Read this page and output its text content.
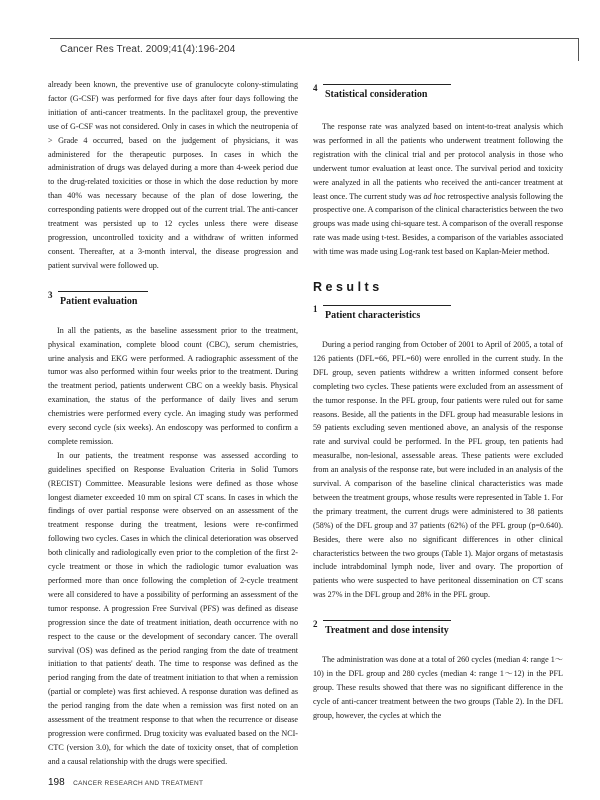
Cancer Res Treat. 2009;41(4):196-204

already been known, the preventive use of granulocyte colony-stimulating factor (G-CSF) was performed for five days after four days following the initiation of anti-cancer treatments. In the paclitaxel group, the preventive use of G-CSF was not considered. Only in cases in which the neutropenia of > Grade 4 occurred, based on the judgement of physicians, it was administered for the therapeutic purposes. In cases in which the administration of drugs was delayed during a more than 4-week period due to the drug-related toxicities or those in which the dose reduction by more than 40% was necessary because of the plan of dose lowering, the corresponding patients were dropped out of the current trial. The anti-cancer treatment was persisted up to 12 cycles unless there were disease progression, uncontrolled toxicity and a withdraw of written informed consent. Thereafter, at a 3-month interval, the disease progression and patient survival were followed up.

3
Patient evaluation

In all the patients, as the baseline assessment prior to the treatment, physical examination, complete blood count (CBC), serum chemistries, urine analysis and EKG were performed. A radiographic assessment of the tumor was also performed within four weeks prior to the treatment. During the treatment period, patients underwent CBC on a weekly basis. Physical examination, the status of the performance of daily lives and serum chemistries were performed every cycle. An imaging study was performed every second cycle (six weeks). An endoscopy was performed to confirm a complete remission.

In our patients, the treatment response was assessed according to guidelines specified on Response Evaluation Criteria in Solid Tumors (RECIST) Committee. Measurable lesions were defined as those whose longest diameter exceeded 10 mm on spiral CT scans. In cases in which the findings of over partial response were observed on an assessment of the treatment response during the treatment, lesions were re-confirmed following two cycles. Cases in which the clinical deterioration was observed both clinically and radiologically even prior to the completion of the first 2-cycle treatment or those in which the radiologic tumor evaluation was performed more than once following the completion of 2-cycle treatment were all considered to have a possibility of performing an assessment of the tumor response. A progression Free Survival (PFS) was defined as disease progression since the date of treatment initiation, death occurrence with no respect to the cause or the development of secondary cancer. The overall survival (OS) was defined as the period ranging from the date of treatment initiation to that patients' death. The time to response was defined as the period ranging from the date of treatment initiation to that when a remission (partial or complete) was first achieved. A response duration was defined as the period ranging from the date when a remission was first noted on an assessment of the treatment response to that when the recurrence or disease progression were confirmed. Drug toxicity was evaluated based on the NCI-CTC (version 3.0), for which the date of toxicity onset, that of completion and a causal relationship with the drugs were specified.

4
Statistical consideration

The response rate was analyzed based on intent-to-treat analysis which was performed in all the patients who underwent treatment following the registration with the clinical trial and per protocol analysis in those who underwent tumor evaluation at least once. The survival period and toxicity were analyzed in all the patients who received the anti-cancer treatment at least once. The current study was ad hoc retrospective analysis following the prospective one. A comparison of the clinical characteristics between the two groups was made using chi-square test. A comparison of the overall response rate was made using t-test. Besides, a comparison of the variables associated with time was made using Log-rank test based on Kaplan-Meier method.

Results
1
Patient characteristics

During a period ranging from October of 2001 to April of 2005, a total of 126 patients (DFL=66, PFL=60) were enrolled in the current study. In the DFL group, seven patients withdrew a written informed consent before completing two cycles. These patients were excluded from an assessment of the tumor response. In the PFL group, four patients were ruled out for same reasons. Beside, all the patients in the DFL group had measurable lesions in 59 patients excluding seven mentioned above, an analysis of the response rate and survival could be performed. In the PFL group, ten patients had measuralbe, non-lesional, assessable areas. These patients were excluded from an analysis of the response rate, but were included in an analysis of the survival. A comparison of the baseline clinical characteristics was made between the treatment groups, whose results were represented in Table 1. For the primary treatment, the current drugs were administered to 38 patients (58%) of the DFL group and 37 patients (62%) of the PFL group (p=0.640). Besides, there were also no significant differences in other clinical characteristics between the two groups (Table 1). Major organs of metastasis include intrabdominal lymph node, liver and ovary. The proportion of patients who were suspected to have peritoneal dissemination on CT scans was 27% in the DFL group and 28% in the PFL group.

2
Treatment and dose intensity

The administration was done at a total of 260 cycles (median 4: range 1～10) in the DFL group and 280 cycles (median 4: range 1～12) in the PFL group. These results showed that there was no significant difference in the cycle of anti-cancer treatment between the two groups (Table 2). In the DFL group, however, the cycles at which the

198 CANCER RESEARCH AND TREATMENT
